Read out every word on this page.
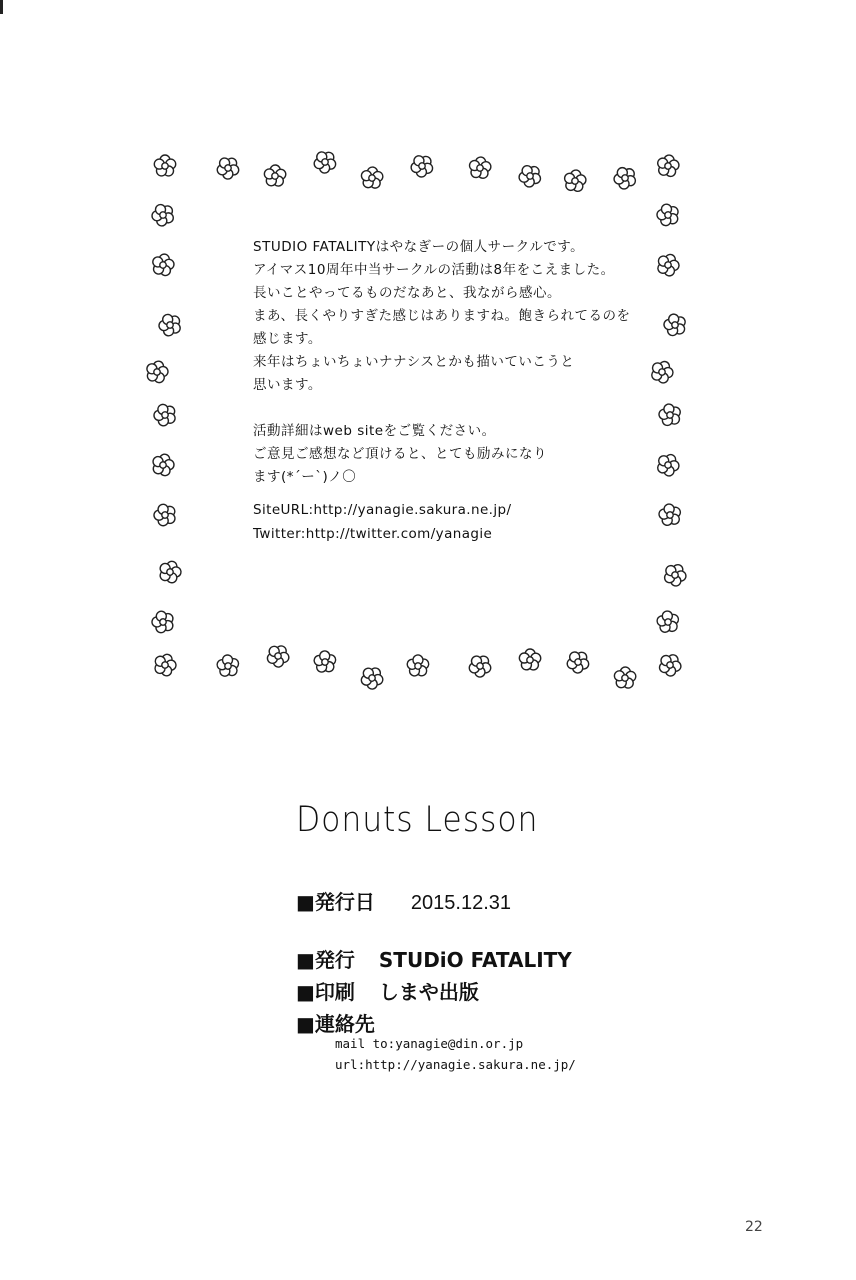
STUDIO FATALITYはやなぎーの個人サークルです。
アイマス10周年中当サークルの活動は8年をこえました。
長いことやってるものだなあと、我ながら感心。
まあ、長くやりすぎた感じはありますね。飽きられてるのを
感じます。
来年はちょいちょいナナシスとかも描いていこうと
思います。
活動詳細はweb siteをご覧ください。
ご意見ご感想など頂けると、とても励みになり
ます(*´ー`)ノ〇
SiteURL:http://yanagie.sakura.ne.jp/
Twitter:http://twitter.com/yanagie
Donuts Lesson
■発行日 2015.12.31
■発行 STUDiO FATALITY
■印刷 しまや出版
■連絡先
mail to:yanagie@din.or.jp
url:http://yanagie.sakura.ne.jp/
22
